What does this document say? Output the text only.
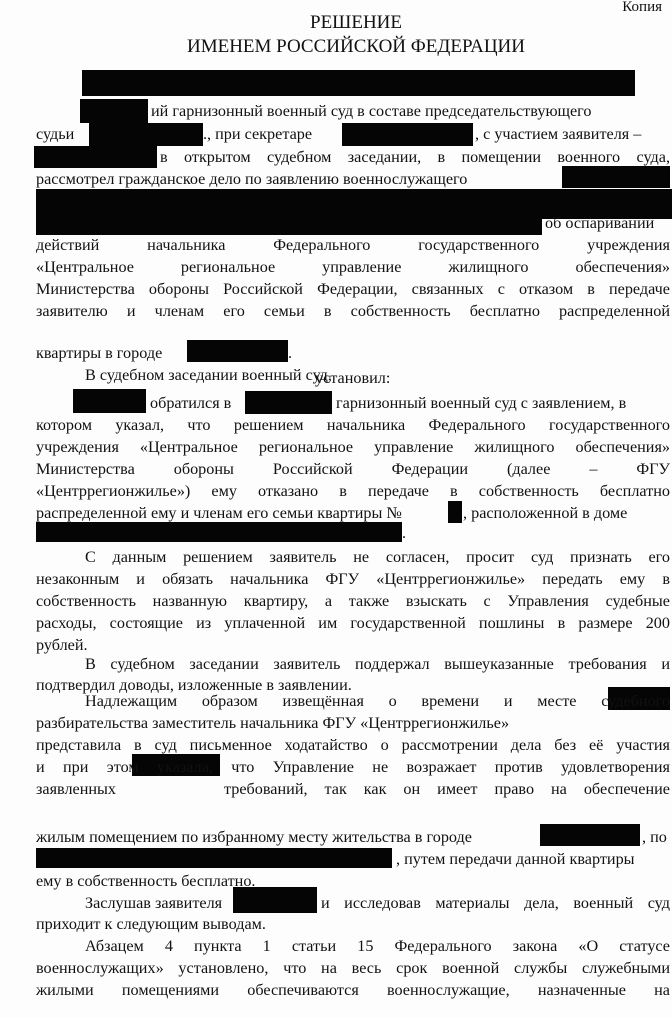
Копия
РЕШЕНИЕ
ИМЕНЕМ РОССИЙСКОЙ ФЕДЕРАЦИИ
ий гарнизонный военный суд в составе председательствующего
судьи	., при секретаре	, с участием заявителя –
в открытом судебном заседании, в помещении военного суда,
рассмотрел гражданское дело по заявлению военнослужащего
об оспаривании
действий начальника Федерального государственного учреждения
«Центральное региональное управление жилищного обеспечения»
Министерства обороны Российской Федерации, связанных с отказом в передаче
заявителю и членам его семьи в собственность бесплатно распределенной
квартиры в городе	.
В судебном заседании военный суд,
установил:
обратился в	гарнизонный военный суд с заявлением, в
котором указал, что решением начальника Федерального государственного
учреждения «Центральное региональное управление жилищного обеспечения»
Министерства обороны Российской Федерации (далее – ФГУ
«Центррегионжилье») ему отказано в передаче в собственность бесплатно
распределенной ему и членам его семьи квартиры №	, расположенной в доме
.
С данным решением заявитель не согласен, просит суд признать его
незаконным и обязать начальника ФГУ «Центррегионжилье» передать ему в
собственность названную квартиру, а также взыскать с Управления судебные
расходы, состоящие из уплаченной им государственной пошлины в размере 200
рублей.
В судебном заседании заявитель поддержал вышеуказанные требования и
подтвердил доводы, изложенные в заявлении.
Надлежащим образом извещённая о времени и месте судебного
разбирательства заместитель начальника ФГУ «Центррегионжилье»
представила в суд письменное ходатайство о рассмотрении дела без её участия
и при этом указала, что Управление не возражает против удовлетворения
заявленных	требований, так как он имеет право на обеспечение
жилым помещением по избранному месту жительства в городе	, по
, путем передачи данной квартиры
ему в собственность бесплатно.
Заслушав заявителя	и исследовав материалы дела, военный суд
приходит к следующим выводам.
Абзацем 4 пункта 1 статьи 15 Федерального закона «О статусе
военнослужащих» установлено, что на весь срок военной службы служебными
жилыми помещениями обеспечиваются военнослужащие, назначенные на
